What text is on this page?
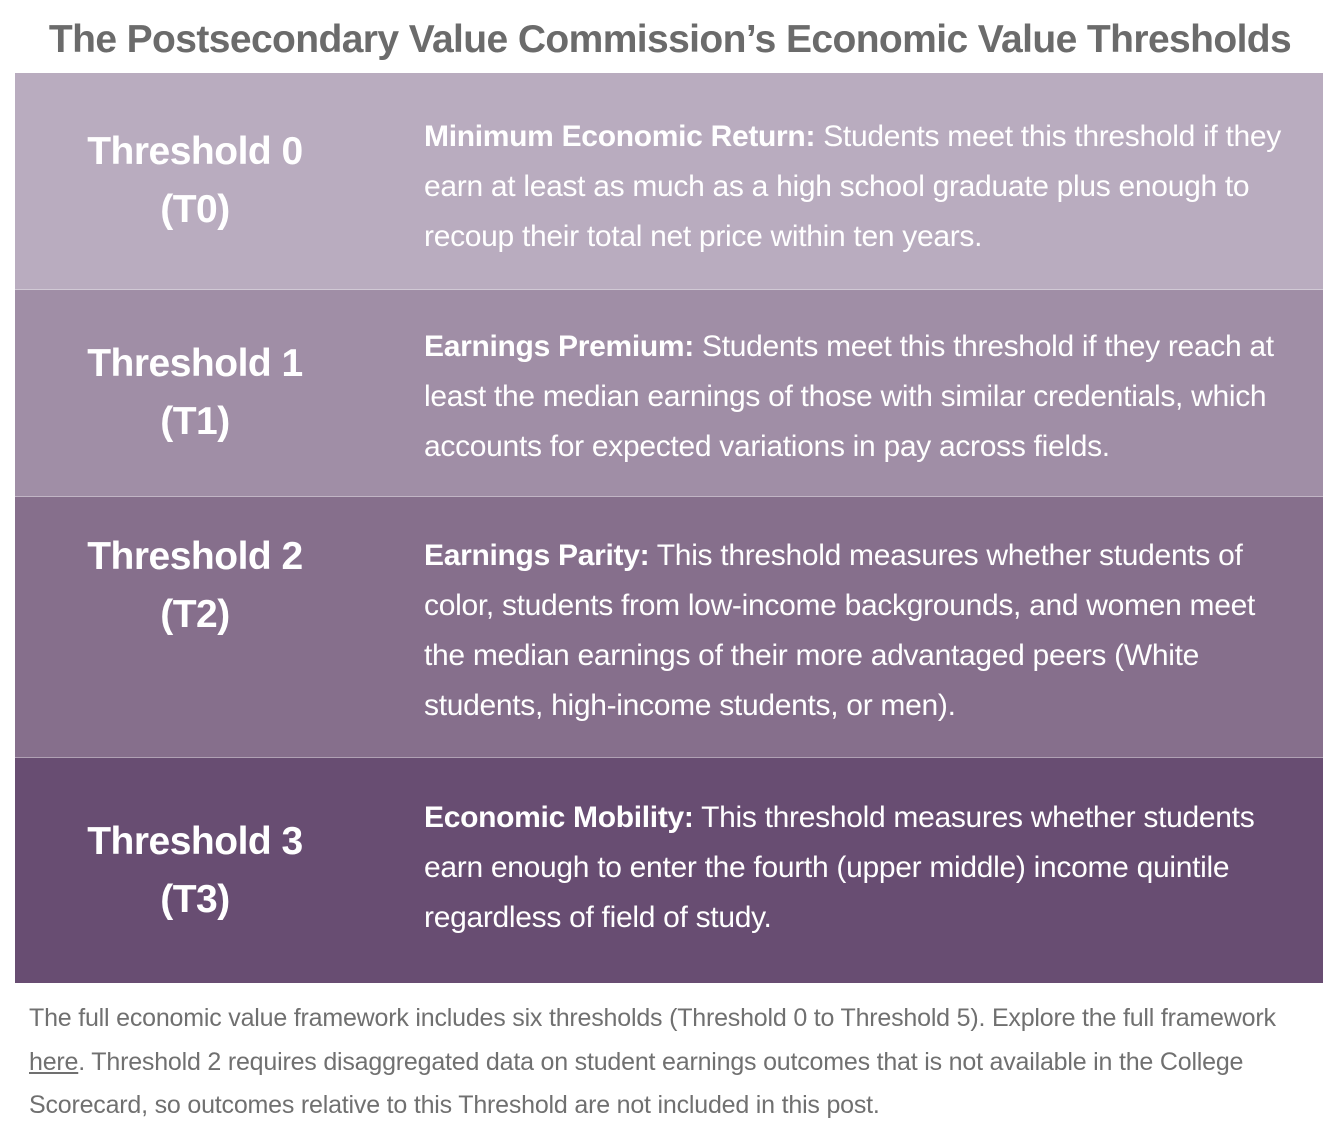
The Postsecondary Value Commission’s Economic Value Thresholds
Threshold 0
(T0)
Minimum Economic Return: Students meet this threshold if they earn at least as much as a high school graduate plus enough to recoup their total net price within ten years.
Threshold 1
(T1)
Earnings Premium: Students meet this threshold if they reach at least the median earnings of those with similar credentials, which accounts for expected variations in pay across fields.
Threshold 2
(T2)
Earnings Parity: This threshold measures whether students of color, students from low-income backgrounds, and women meet the median earnings of their more advantaged peers (White students, high-income students, or men).
Threshold 3
(T3)
Economic Mobility: This threshold measures whether students earn enough to enter the fourth (upper middle) income quintile regardless of field of study.
The full economic value framework includes six thresholds (Threshold 0 to Threshold 5). Explore the full framework here. Threshold 2 requires disaggregated data on student earnings outcomes that is not available in the College Scorecard, so outcomes relative to this Threshold are not included in this post.
